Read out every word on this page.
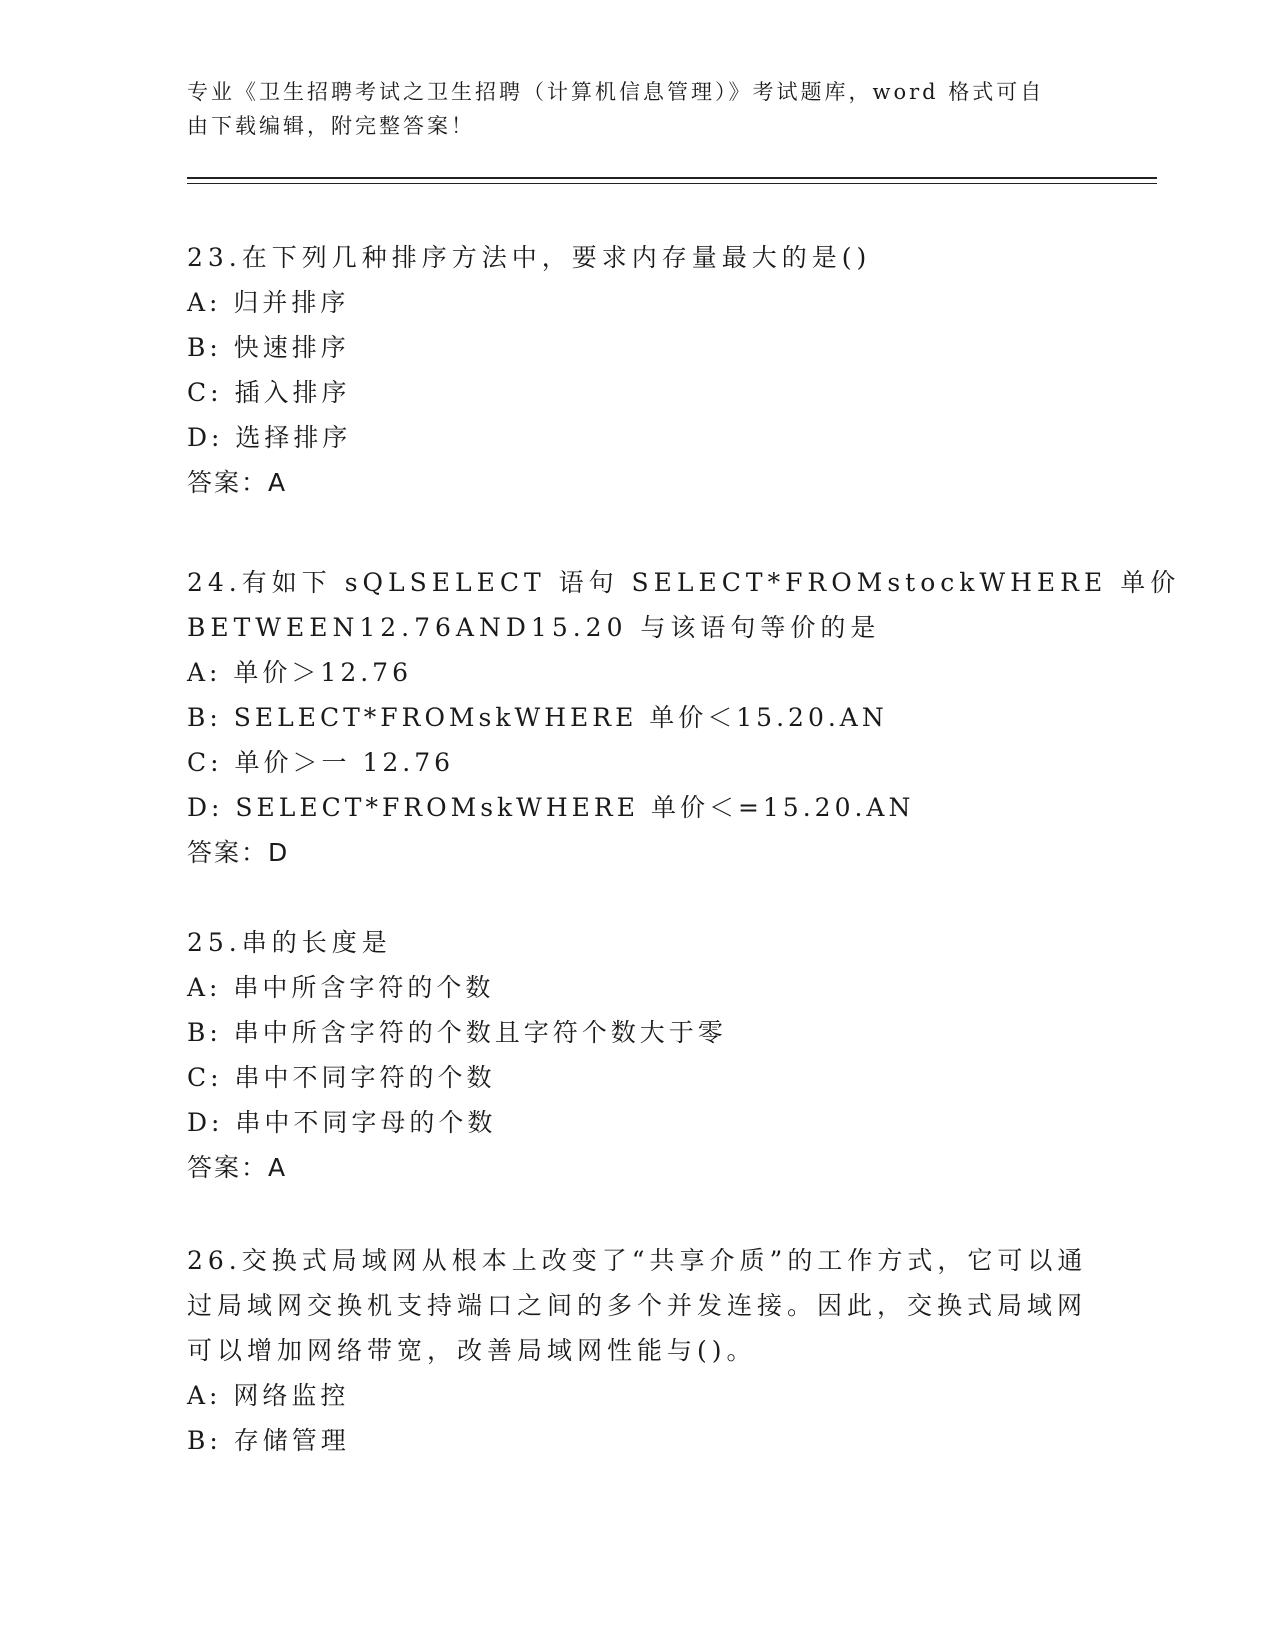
专业《卫生招聘考试之卫生招聘（计算机信息管理）》考试题库，word 格式可自
由下载编辑，附完整答案！
23.在下列几种排序方法中，要求内存量最大的是()
A: 归并排序
B: 快速排序
C: 插入排序
D: 选择排序
答案：A
24.有如下 sQLSELECT 语句 SELECT*FROMstockWHERE 单价
BETWEEN12.76AND15.20 与该语句等价的是
A: 单价＞12.76
B: SELECT*FROMskWHERE 单价＜15.20.AN
C: 单价＞一 12.76
D: SELECT*FROMskWHERE 单价＜=15.20.AN
答案：D
25.串的长度是
A: 串中所含字符的个数
B: 串中所含字符的个数且字符个数大于零
C: 串中不同字符的个数
D: 串中不同字母的个数
答案：A
26.交换式局域网从根本上改变了“共享介质”的工作方式，它可以通
过局域网交换机支持端口之间的多个并发连接。因此，交换式局域网
可以增加网络带宽，改善局域网性能与()。
A: 网络监控
B: 存储管理
